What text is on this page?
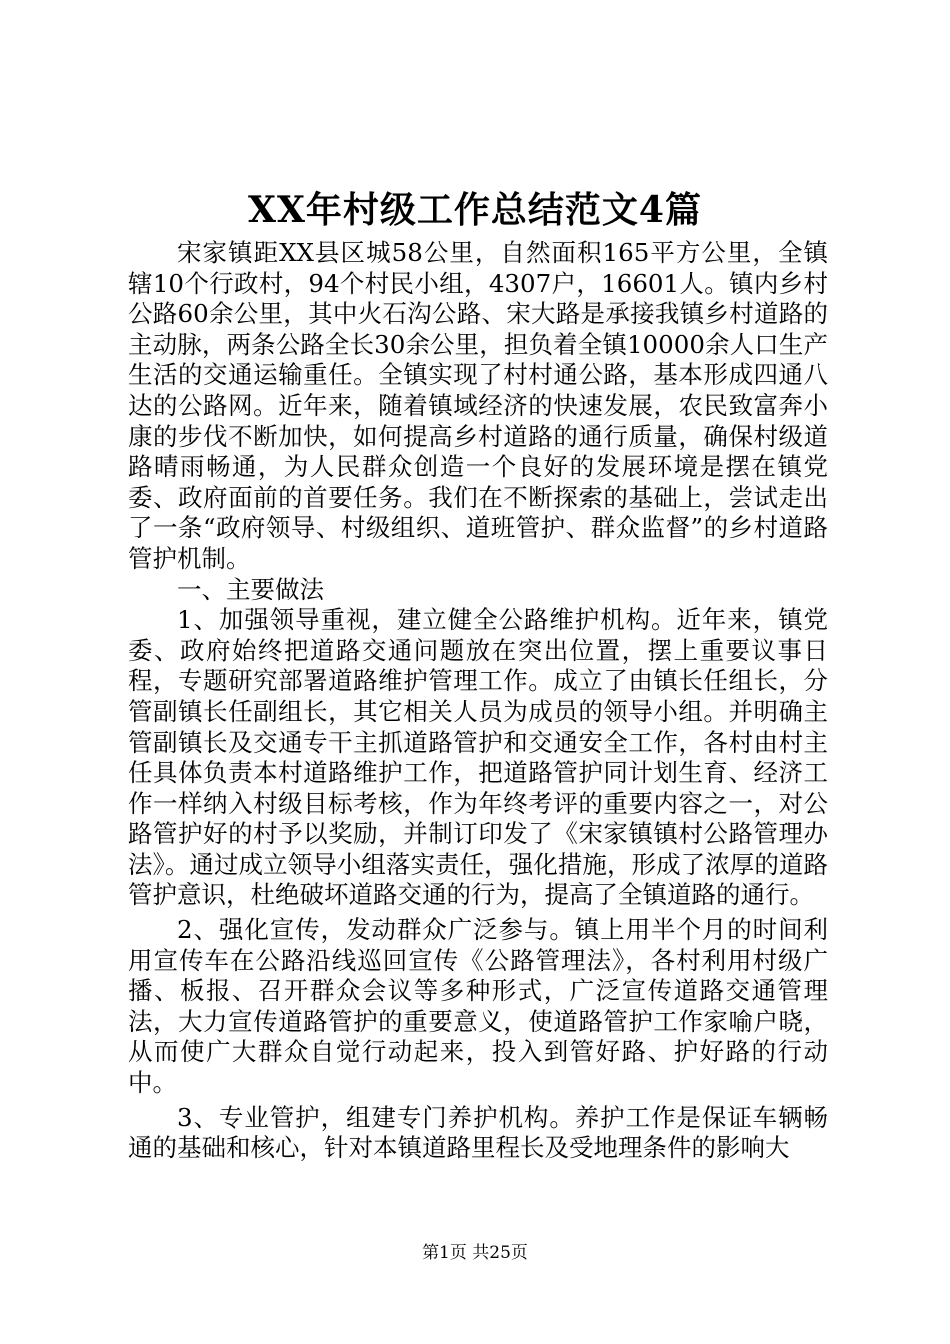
XX年村级工作总结范文4篇

宋家镇距XX县区城58公里，自然面积165平方公里，全镇辖10个行政村，94个村民小组，4307户，16601人。镇内乡村公路60余公里，其中火石沟公路、宋大路是承接我镇乡村道路的主动脉，两条公路全长30余公里，担负着全镇10000余人口生产生活的交通运输重任。全镇实现了村村通公路，基本形成四通八达的公路网。近年来，随着镇域经济的快速发展，农民致富奔小康的步伐不断加快，如何提高乡村道路的通行质量，确保村级道路晴雨畅通，为人民群众创造一个良好的发展环境是摆在镇党委、政府面前的首要任务。我们在不断探索的基础上，尝试走出了一条“政府领导、村级组织、道班管护、群众监督”的乡村道路管护机制。

一、主要做法

1、加强领导重视，建立健全公路维护机构。近年来，镇党委、政府始终把道路交通问题放在突出位置，摆上重要议事日程，专题研究部署道路维护管理工作。成立了由镇长任组长，分管副镇长任副组长，其它相关人员为成员的领导小组。并明确主管副镇长及交通专干主抓道路管护和交通安全工作，各村由村主任具体负责本村道路维护工作，把道路管护同计划生育、经济工作一样纳入村级目标考核，作为年终考评的重要内容之一，对公路管护好的村予以奖励，并制订印发了《宋家镇镇村公路管理办法》。通过成立领导小组落实责任，强化措施，形成了浓厚的道路管护意识，杜绝破坏道路交通的行为，提高了全镇道路的通行。

2、强化宣传，发动群众广泛参与。镇上用半个月的时间利用宣传车在公路沿线巡回宣传《公路管理法》，各村利用村级广播、板报、召开群众会议等多种形式，广泛宣传道路交通管理法，大力宣传道路管护的重要意义，使道路管护工作家喻户晓，从而使广大群众自觉行动起来，投入到管好路、护好路的行动中。

3、专业管护，组建专门养护机构。养护工作是保证车辆畅通的基础和核心，针对本镇道路里程长及受地理条件的影响大

第1页 共25页
